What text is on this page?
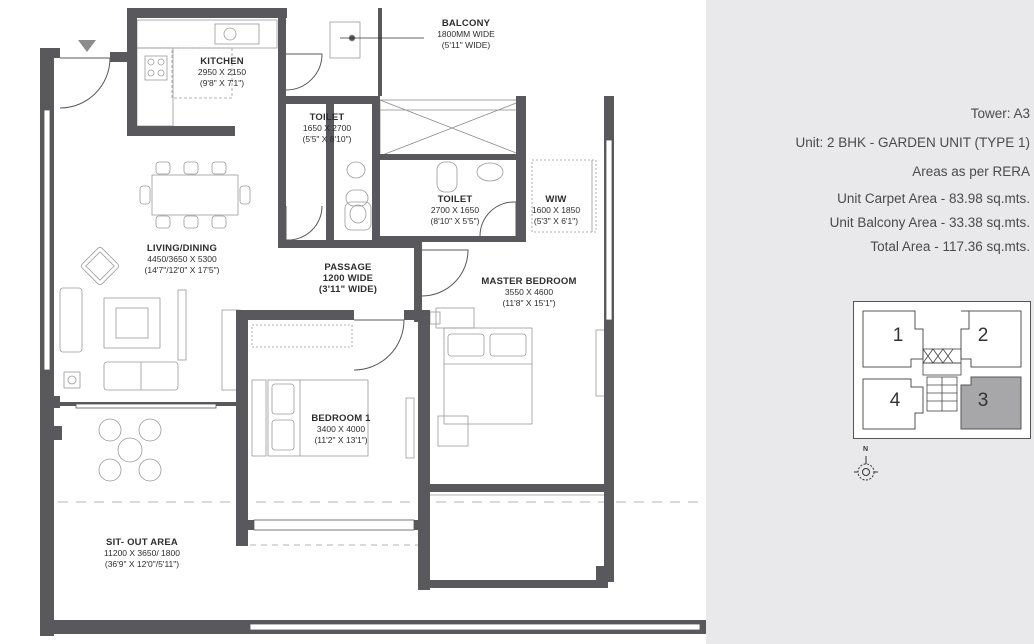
BALCONY
1800MM WIDE
(5'11" WIDE)
KITCHEN
2950 X 2150
(9'8" X 7'1")
TOILET
1650 X 2700
(5'5" X 8'10")
TOILET
2700 X 1650
(8'10" X 5'5")
WIW
1600 X 1850
(5'3" X 6'1")
LIVING/DINING
4450/3650 X 5300
(14'7"/12'0" X 17'5")	PASSAGE
1200 WIDE
(3'11" WIDE)
MASTER BEDROOM
3550 X 4600
(11'8" X 15'1")
BEDROOM 1
3400 X 4000
(11'2" X 13'1")
SIT- OUT AREA
11200 X 3650/ 1800
(36'9" X 12'0"/5'11")
Tower: A3
Unit: 2 BHK - GARDEN UNIT (TYPE 1)
Areas as per RERA
Unit Carpet Area - 83.98 sq.mts.
Unit Balcony Area - 33.38 sq.mts.
Total Area - 117.36 sq.mts.
1	2
3
4
N
